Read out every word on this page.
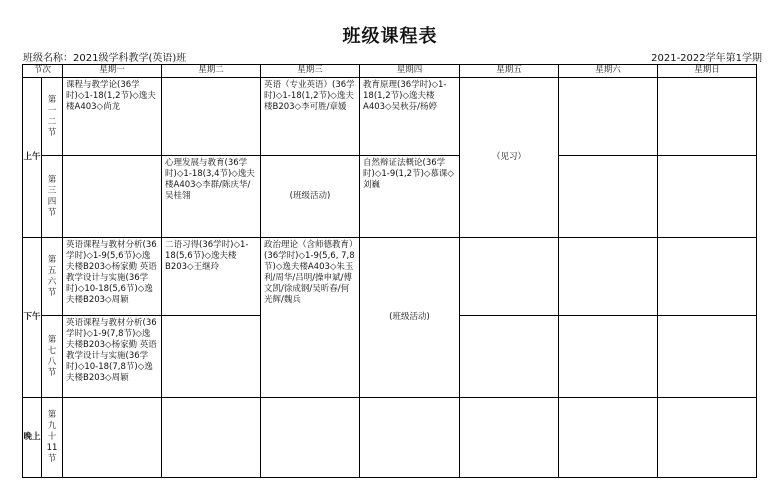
班级课程表
班级名称：2021级学科教学(英语)班	2021-2022学年第1学期
节次		星期一	星期二	星期三	星期四	星期五	星期六	星期日
上午	第一二节	课程与教学论(36学时)◇1-18(1,2节)◇逸夫楼A403◇尚龙		英语（专业英语）(36学时)◇1-18(1,2节)◇逸夫楼B203◇李可胜/章媛	教育原理(36学时)◇1-18(1,2节)◇逸夫楼A403◇吴秋芬/杨婷	（见习）		
	第三四节		心理发展与教育(36学时)◇1-18(3,4节)◇逸夫楼A403◇李群/陈庆华/吴桂翎	(班级活动)	自然辩证法概论(36学时)◇1-9(1,2节)◇慕课◇刘巍			
下午	第五六节	英语课程与教材分析(36学时)◇1-9(5,6节)◇逸夫楼B203◇杨家勤 英语教学设计与实施(36学时)◇10-18(5,6节)◇逸夫楼B203◇周颖	二语习得(36学时)◇1-18(5,6节)◇逸夫楼B203◇王继玲	政治理论（含师德教育）(36学时)◇1-9(5,6, 7,8节)◇逸夫楼A403◇朱玉利/周华/吕明/操申斌/傅文凯/徐成钢/吴昕春/何光辉/魏兵	(班级活动)			
	第七八节	英语课程与教材分析(36学时)◇1-9(7,8节)◇逸夫楼B203◇杨家勤 英语教学设计与实施(36学时)◇10-18(7,8节)◇逸夫楼B203◇周颖						
晚上	第九十11节							
